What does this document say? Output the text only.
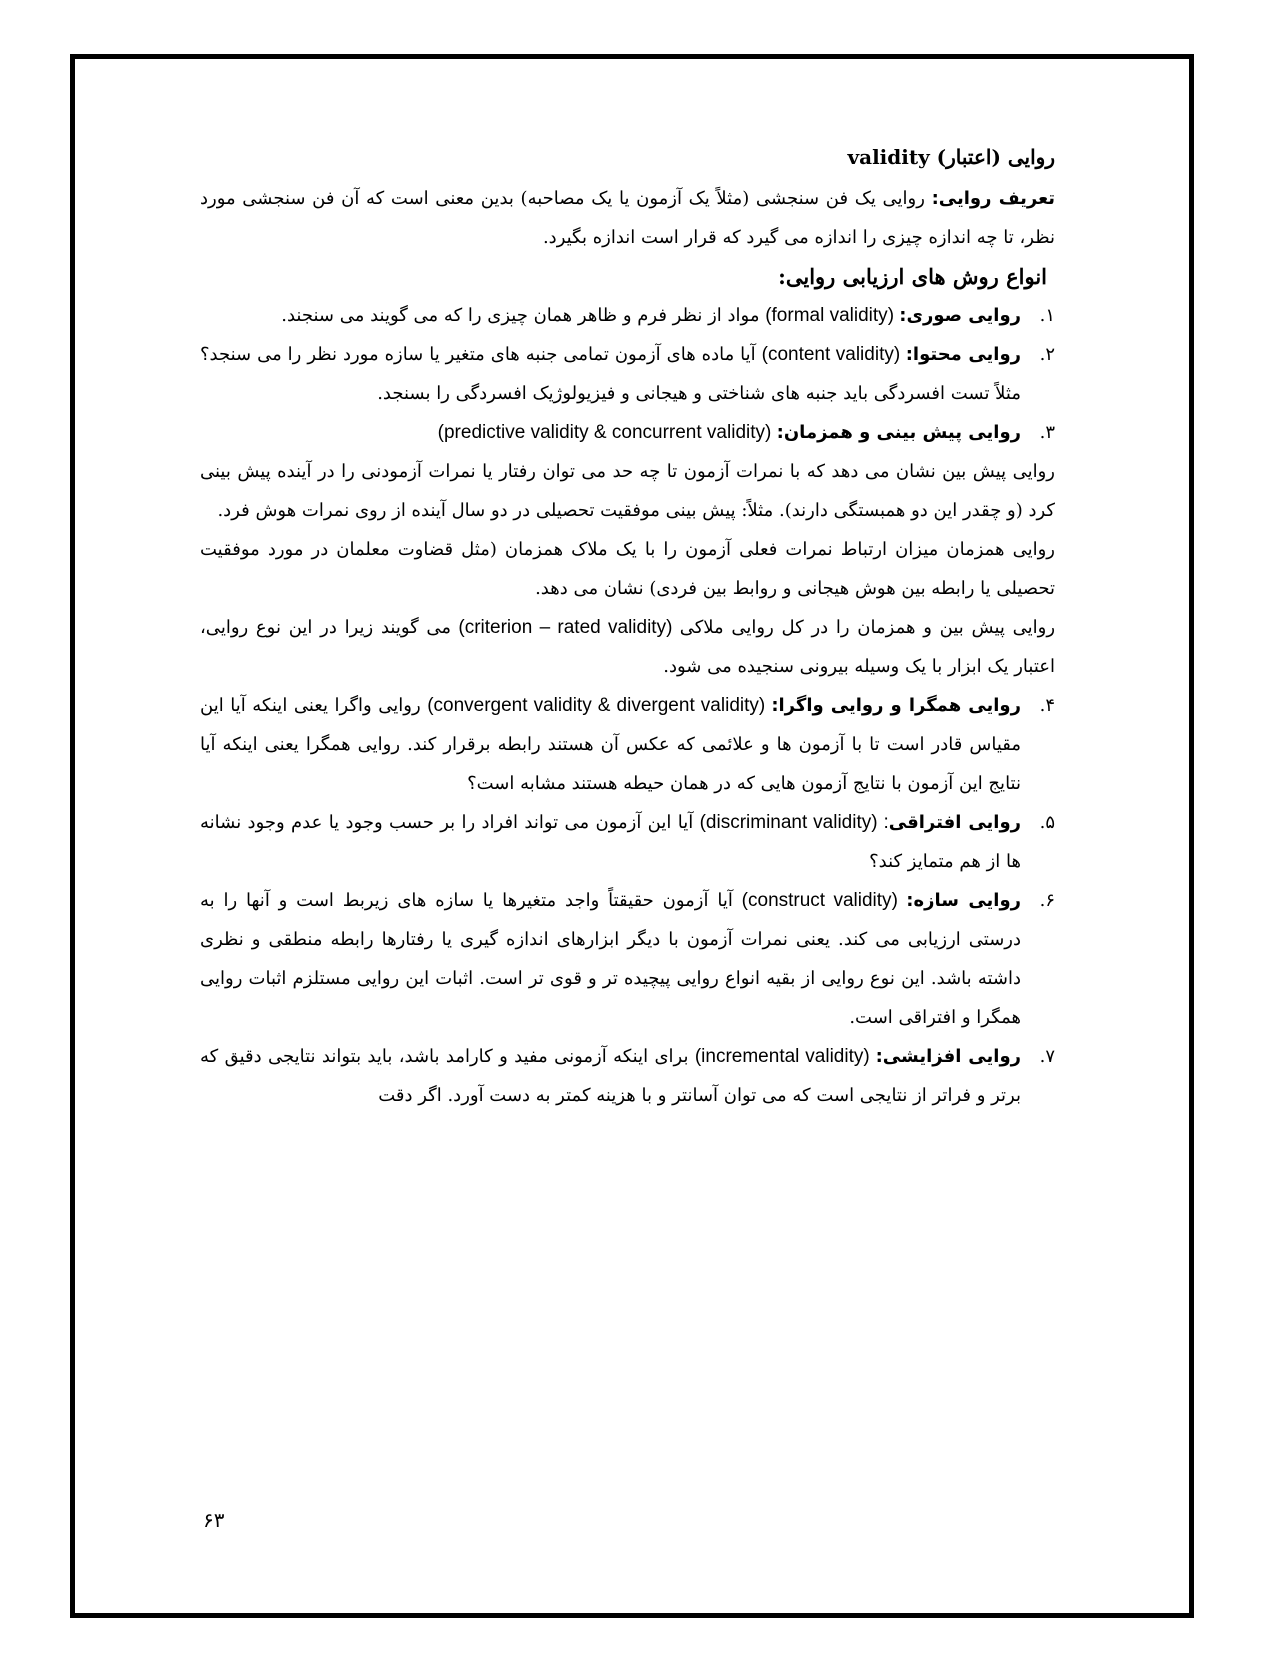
روایی (اعتبار) validity

تعریف روایی: روایی یک فن سنجشی (مثلاً یک آزمون یا یک مصاحبه) بدین معنی است که آن فن سنجشی مورد نظر، تا چه اندازه چیزی را اندازه می گیرد که قرار است اندازه بگیرد.

انواع روش های ارزیابی روایی:
۱.
روایی صوری: (formal validity) مواد از نظر فرم و ظاهر همان چیزی را که می گویند می سنجند.
۲.
روایی محتوا: (content validity) آیا ماده های آزمون تمامی جنبه های متغیر یا سازه مورد نظر را می سنجد؟ مثلاً تست افسردگی باید جنبه های شناختی و هیجانی و فیزیولوژیک افسردگی را بسنجد.
۳.
روایی پیش بینی و همزمان: (predictive validity & concurrent validity)

روایی پیش بین نشان می دهد که با نمرات آزمون تا چه حد می توان رفتار یا نمرات آزمودنی را در آینده پیش بینی کرد (و چقدر این دو همبستگی دارند). مثلاً: پیش بینی موفقیت تحصیلی در دو سال آینده از روی نمرات هوش فرد.

روایی همزمان میزان ارتباط نمرات فعلی آزمون را با یک ملاک همزمان (مثل قضاوت معلمان در مورد موفقیت تحصیلی یا رابطه بین هوش هیجانی و روابط بین فردی) نشان می دهد.

روایی پیش بین و همزمان را در کل روایی ملاکی (criterion – rated validity) می گویند زیرا در این نوع روایی، اعتبار یک ابزار با یک وسیله بیرونی سنجیده می شود.

۴.
روایی همگرا و روایی واگرا: (convergent validity & divergent validity) روایی واگرا یعنی اینکه آیا این مقیاس قادر است تا با آزمون ها و علائمی که عکس آن هستند رابطه برقرار کند. روایی همگرا یعنی اینکه آیا نتایج این آزمون با نتایج آزمون هایی که در همان حیطه هستند مشابه است؟
۵.
روایی افتراقی: (discriminant validity) آیا این آزمون می تواند افراد را بر حسب وجود یا عدم وجود نشانه ها از هم متمایز کند؟
۶.
روایی سازه: (construct validity) آیا آزمون حقیقتاً واجد متغیرها یا سازه های زیربط است و آنها را به درستی ارزیابی می کند. یعنی نمرات آزمون با دیگر ابزارهای اندازه گیری یا رفتارها رابطه منطقی و نظری داشته باشد. این نوع روایی از بقیه انواع روایی پیچیده تر و قوی تر است. اثبات این روایی مستلزم اثبات روایی همگرا و افتراقی است.
۷.
روایی افزایشی: (incremental validity) برای اینکه آزمونی مفید و کارامد باشد، باید بتواند نتایجی دقیق که برتر و فراتر از نتایجی است که می توان آسانتر و با هزینه کمتر به دست آورد. اگر دقت
۶۳
